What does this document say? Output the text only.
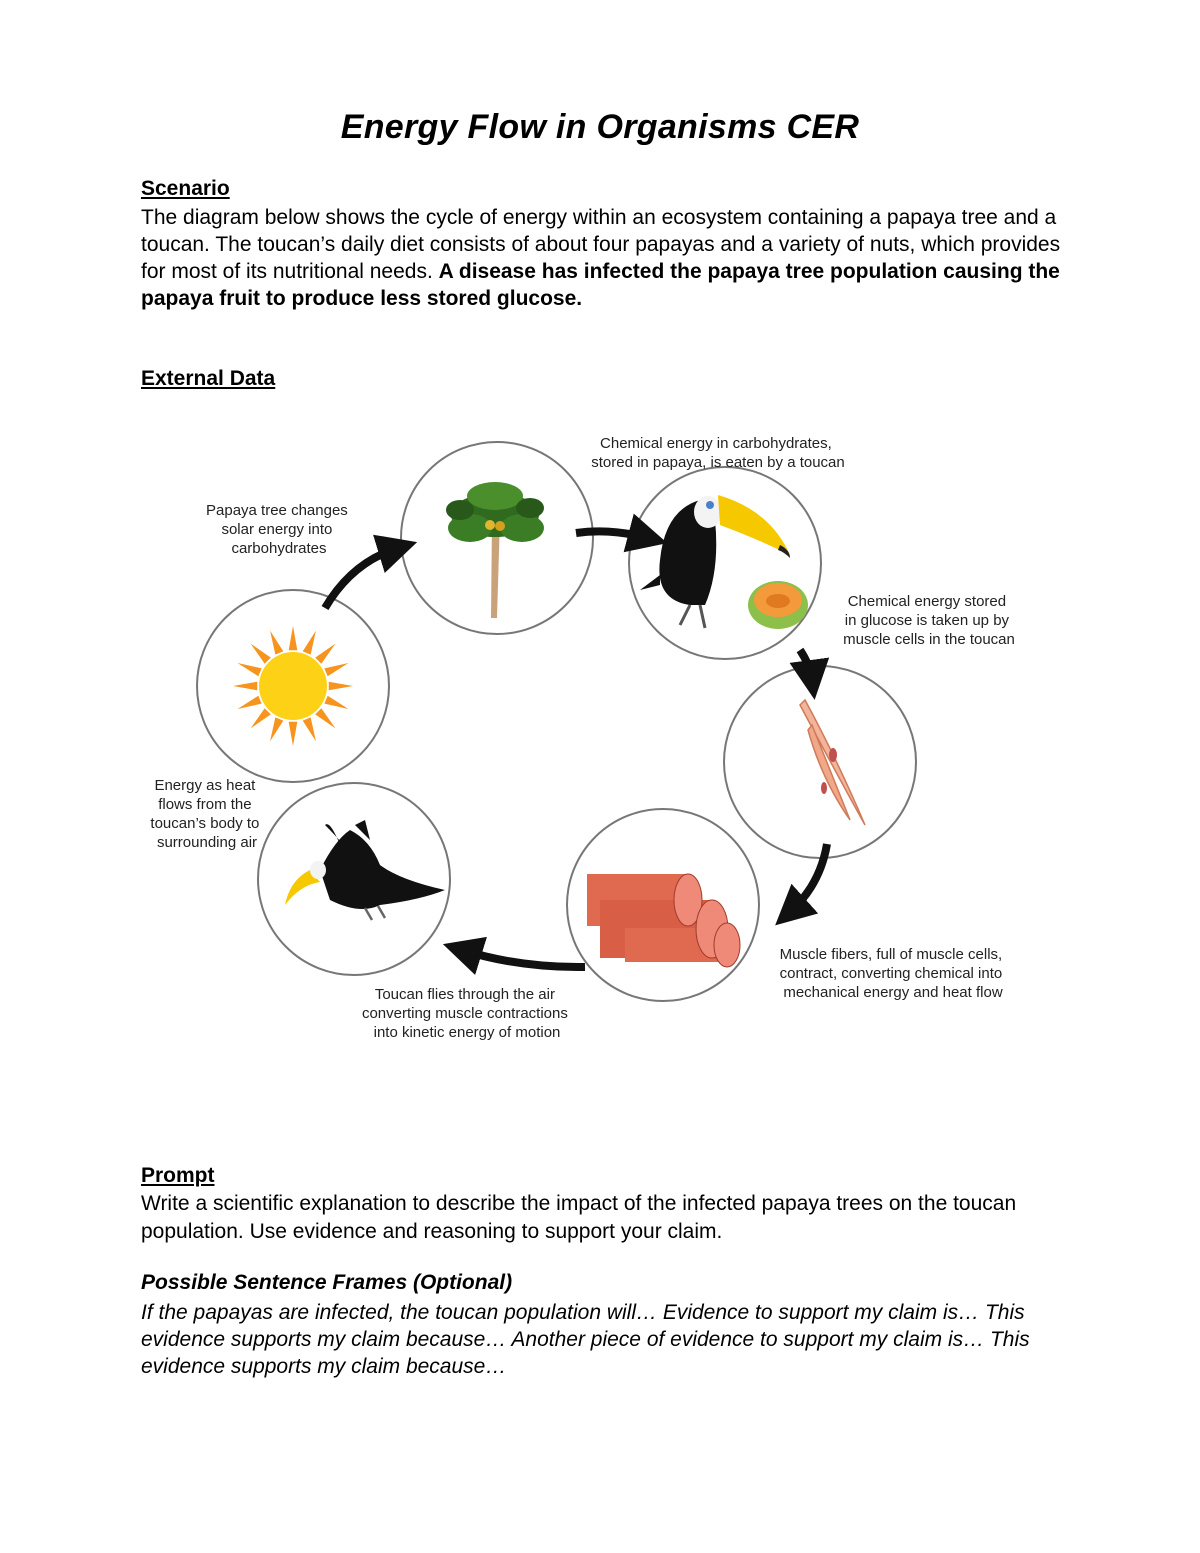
Energy Flow in Organisms CER
Scenario

The diagram below shows the cycle of energy within an ecosystem containing a papaya tree and a toucan. The toucan’s daily diet consists of about four papayas and a variety of nuts, which provides for most of its nutritional needs. A disease has infected the papaya tree population causing the papaya fruit to produce less stored glucose.

External Data
Papaya tree changes solar energy into carbohydrates
Chemical energy in carbohydrates, stored in papaya, is eaten by a toucan
Chemical energy stored in glucose is taken up by muscle cells in the toucan
Muscle fibers, full of muscle cells, contract, converting chemical into mechanical energy and heat flow
Toucan flies through the air converting muscle contractions into kinetic energy of motion
Energy as heat flows from the toucan’s body to surrounding air
Prompt

Write a scientific explanation to describe the impact of the infected papaya trees on the toucan population. Use evidence and reasoning to support your claim.

Possible Sentence Frames (Optional)

If the papayas are infected, the toucan population will… Evidence to support my claim is… This evidence supports my claim because… Another piece of evidence to support my claim is… This evidence supports my claim because…
